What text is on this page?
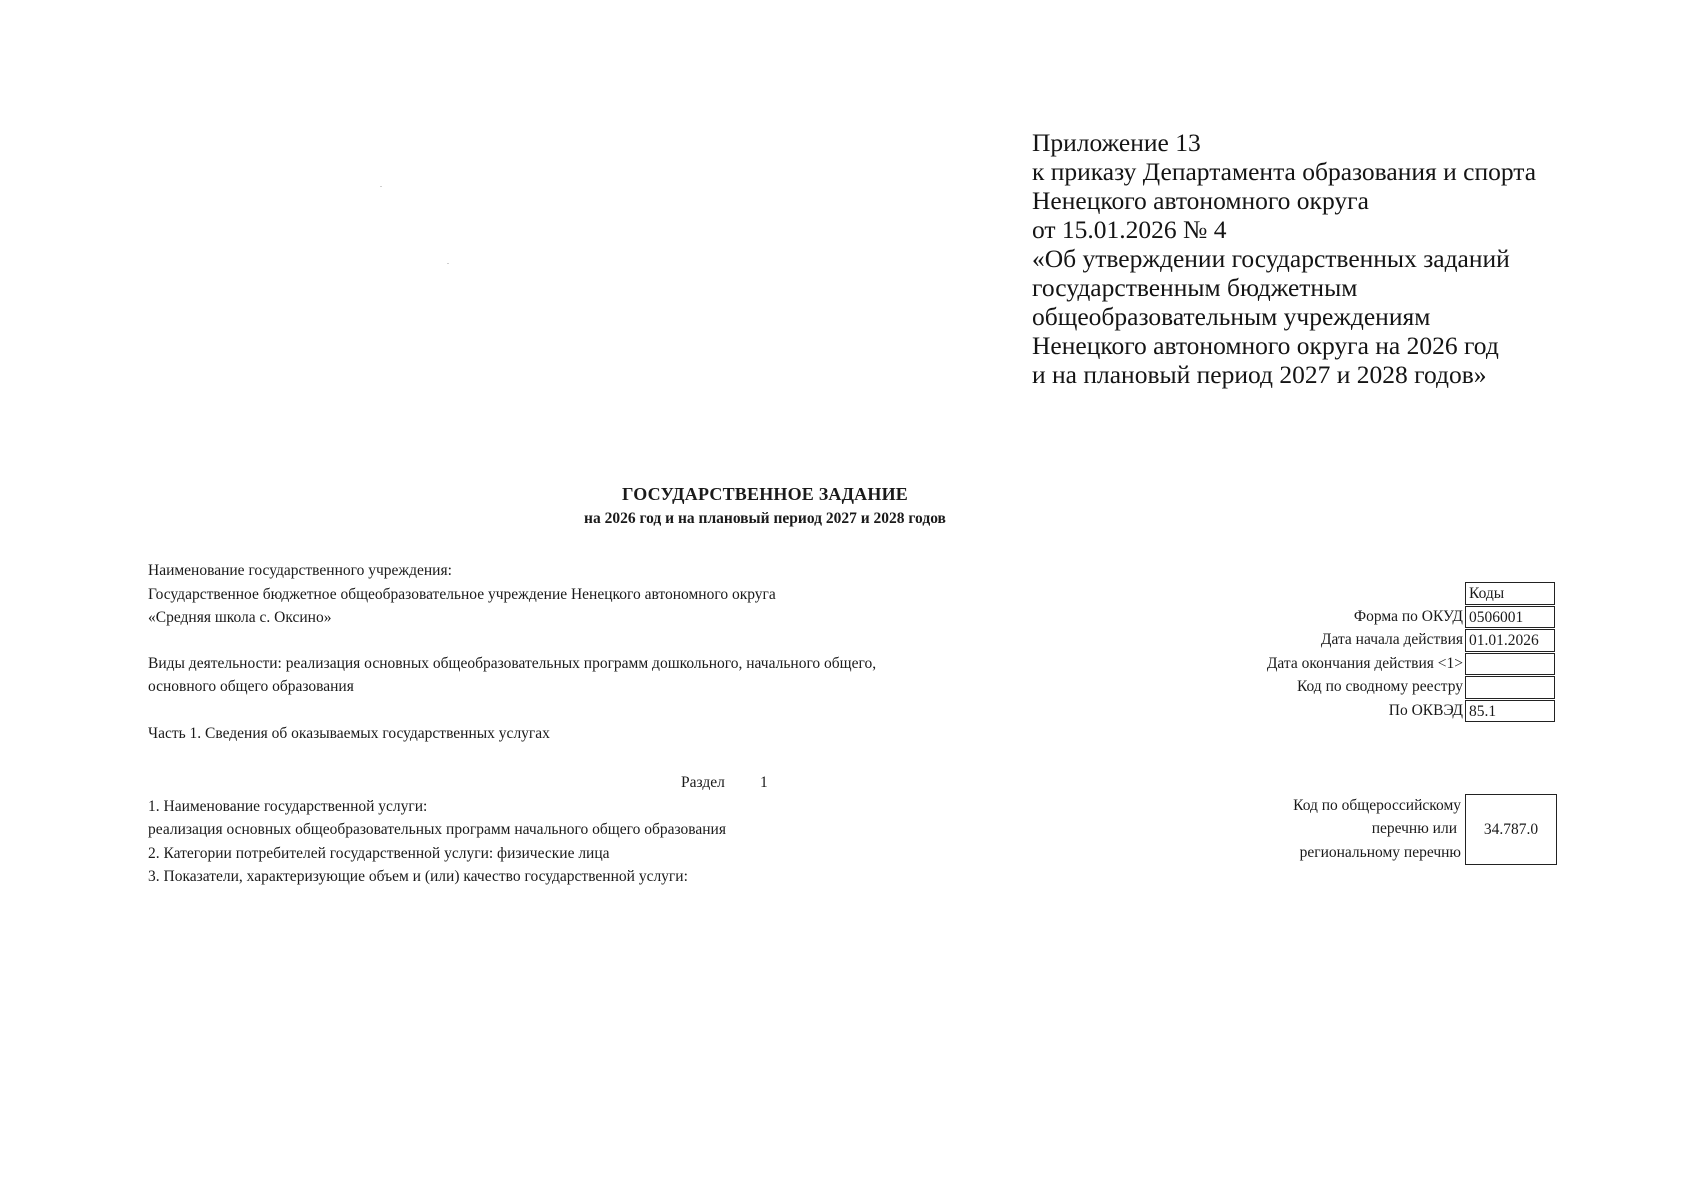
Приложение 13
к приказу Департамента образования и спорта
Ненецкого автономного округа
от 15.01.2026 № 4
«Об утверждении государственных заданий
государственным бюджетным
общеобразовательным учреждениям
Ненецкого автономного округа на 2026 год
и на плановый период 2027 и 2028 годов»
ГОСУДАРСТВЕННОЕ ЗАДАНИЕ
на 2026 год и на плановый период 2027 и 2028 годов
Наименование государственного учреждения:
Государственное бюджетное общеобразовательное учреждение Ненецкого автономного округа
«Средняя школа с. Оксино»
Виды деятельности: реализация основных общеобразовательных программ дошкольного, начального общего,
основного общего образования
Часть 1. Сведения об оказываемых государственных услугах
Коды
Форма по ОКУД 0506001
Дата начала действия 01.01.2026
Дата окончания действия <1>
Код по сводному реестру
По ОКВЭД 85.1
Раздел 1
1. Наименование государственной услуги:
реализация основных общеобразовательных программ начального общего образования
2. Категории потребителей государственной услуги: физические лица
3. Показатели, характеризующие объем и (или) качество государственной услуги:
Код по общероссийскому
перечню или
региональному перечню
34.787.0
